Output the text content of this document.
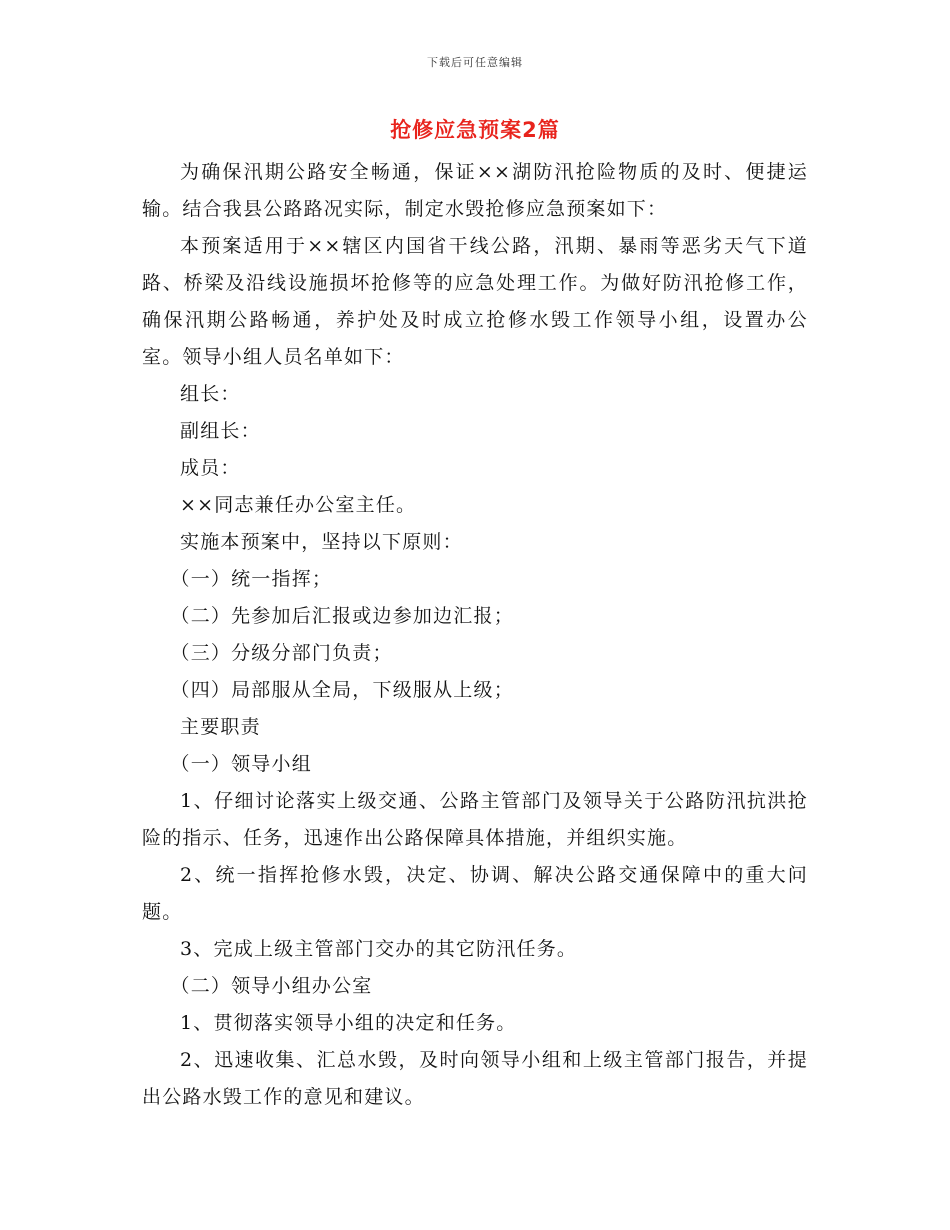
下载后可任意编辑
抢修应急预案2篇

为确保汛期公路安全畅通，保证××湖防汛抢险物质的及时、便捷运输。结合我县公路路况实际，制定水毁抢修应急预案如下：

本预案适用于××辖区内国省干线公路，汛期、暴雨等恶劣天气下道路、桥梁及沿线设施损坏抢修等的应急处理工作。为做好防汛抢修工作，确保汛期公路畅通，养护处及时成立抢修水毁工作领导小组，设置办公室。领导小组人员名单如下：

组长：

副组长：

成员：

××同志兼任办公室主任。

实施本预案中，坚持以下原则：

（一）统一指挥；

（二）先参加后汇报或边参加边汇报；

（三）分级分部门负责；

（四）局部服从全局，下级服从上级；

主要职责

（一）领导小组

1、仔细讨论落实上级交通、公路主管部门及领导关于公路防汛抗洪抢险的指示、任务，迅速作出公路保障具体措施，并组织实施。

2、统一指挥抢修水毁，决定、协调、解决公路交通保障中的重大问题。

3、完成上级主管部门交办的其它防汛任务。

（二）领导小组办公室

1、贯彻落实领导小组的决定和任务。

2、迅速收集、汇总水毁，及时向领导小组和上级主管部门报告，并提出公路水毁工作的意见和建议。
